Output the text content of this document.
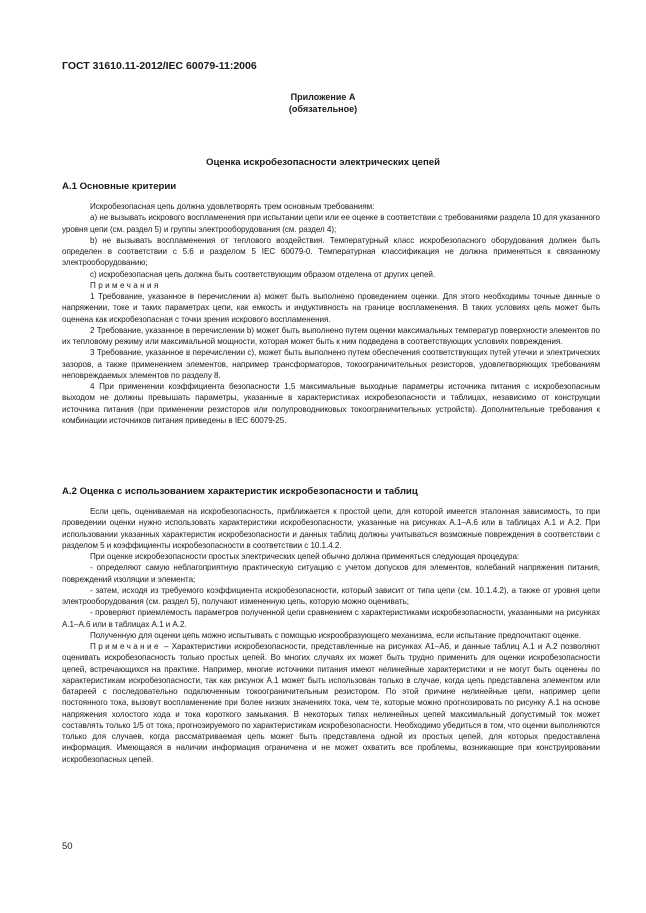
ГОСТ 31610.11-2012/IEC 60079-11:2006
Приложение А
(обязательное)
Оценка искробезопасности электрических цепей
А.1 Основные критерии

Искробезопасная цепь должна удовлетворять трем основным требованиям:

а) не вызывать искрового воспламенения при испытании цепи или ее оценке в соответствии с требованиями раздела 10 для указанного уровня цепи (см. раздел 5) и группы электрооборудования (см. раздел 4);

b) не вызывать воспламенения от теплового воздействия. Температурный класс искробезопасного оборудования должен быть определен в соответствии с 5.6 и разделом 5 IEC 60079-0. Температурная классификация не должна применяться к связанному электрооборудованию;

с) искробезопасная цепь должна быть соответствующим образом отделена от других цепей.

Примечания

1 Требование, указанное в перечислении а) может быть выполнено проведением оценки. Для этого необходимы точные данные о напряжении, токе и таких параметрах цепи, как емкость и индуктивность на границе воспламенения. В таких условиях цепь может быть оценена как искробезопасная с точки зрения искрового воспламенения.

2 Требование, указанное в перечислении b) может быть выполнено путем оценки максимальных температур поверхности элементов по их тепловому режиму или максимальной мощности, которая может быть к ним подведена в соответствующих условиях повреждения.

3 Требование, указанное в перечислении с), может быть выполнено путем обеспечения соответствующих путей утечки и электрических зазоров, а также применением элементов, например трансформаторов, токоограничительных резисторов, удовлетворяющих требованиям неповреждаемых элементов по разделу 8.

4 При применении коэффициента безопасности 1,5 максимальные выходные параметры источника питания с искробезопасным выходом не должны превышать параметры, указанные в характеристиках искробезопасности и таблицах, независимо от конструкции источника питания (при применении резисторов или полупроводниковых токоограничительных устройств). Дополнительные требования к комбинации источников питания приведены в IEC 60079-25.

А.2 Оценка с использованием характеристик искробезопасности и таблиц

Если цепь, оцениваемая на искробезопасность, приближается к простой цепи, для которой имеется эталонная зависимость, то при проведении оценки нужно использовать характеристики искробезопасности, указанные на рисунках А.1–А.6 или в таблицах А.1 и А.2. При использовании указанных характеристик искробезопасности и данных таблиц должны учитываться возможные повреждения в соответствии с разделом 5 и коэффициенты искробезопасности в соответствии с 10.1.4.2.

При оценке искробезопасности простых электрических цепей обычно должна применяться следующая процедура:

- определяют самую неблагоприятную практическую ситуацию с учетом допусков для элементов, колебаний напряжения питания, повреждений изоляции и элемента;

- затем, исходя из требуемого коэффициента искробезопасности, который зависит от типа цепи (см. 10.1.4.2), а также от уровня цепи электрооборудования (см. раздел 5), получают измененную цепь, которую можно оценивать;

- проверяют приемлемость параметров полученной цепи сравнением с характеристиками искробезопасности, указанными на рисунках А.1–А.6 или в таблицах А.1 и А.2.

Полученную для оценки цепь можно испытывать с помощью искрообразующего механизма, если испытание предпочитают оценке.

Примечание – Характеристики искробезопасности, представленные на рисунках А1–А6, и данные таблиц А.1 и А.2 позволяют оценивать искробезопасность только простых цепей. Во многих случаях их может быть трудно применить для оценки искробезопасности цепей, встречающихся на практике. Например, многие источники питания имеют нелинейные характеристики и не могут быть оценены по характеристикам искробезопасности, так как рисунок А.1 может быть использован только в случае, когда цепь представлена элементом или батареей с последовательно подключенным токоограничительным резистором. По этой причине нелинейные цепи, например цепи постоянного тока, вызовут воспламенение при более низких значениях тока, чем те, которые можно прогнозировать по рисунку А.1 на основе напряжения холостого хода и тока короткого замыкания. В некоторых типах нелинейных цепей максимальный допустимый ток может составлять только 1/5 от тока, прогнозируемого по характеристикам искробезопасности. Необходимо убедиться в том, что оценки выполняются только для случаев, когда рассматриваемая цепь может быть представлена одной из простых цепей, для которых предоставлена информация. Имеющаяся в наличии информация ограничена и не может охватить все проблемы, возникающие при конструировании искробезопасных цепей.

50
